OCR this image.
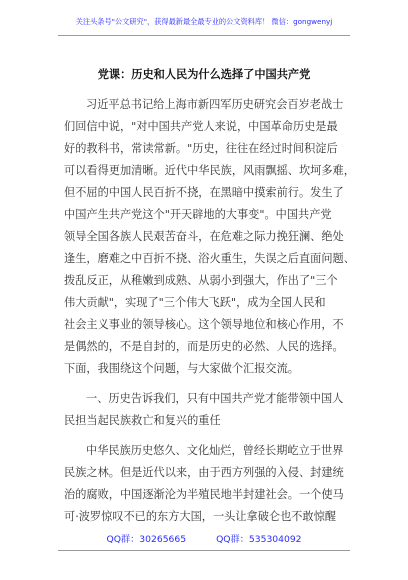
关注头条号"公文研究"，获得最新最全最专业的公文资料库！ 微信：gongwenyj
党课：历史和人民为什么选择了中国共产党
习近平总书记给上海市新四军历史研究会百岁老战士
们回信中说，"对中国共产党人来说，中国革命历史是最
好的教科书，常读常新。"历史，往往在经过时间积淀后
可以看得更加清晰。近代中华民族，风雨飘摇、坎坷多难，
但不屈的中国人民百折不挠，在黑暗中摸索前行。发生了
中国产生共产党这个"开天辟地的大事变"。中国共产党
领导全国各族人民艰苦奋斗，在危难之际力挽狂澜、绝处
逢生，磨难之中百折不挠、浴火重生，失误之后直面问题、
拨乱反正，从稚嫩到成熟、从弱小到强大，作出了"三个
伟大贡献"，实现了"三个伟大飞跃"，成为全国人民和
社会主义事业的领导核心。这个领导地位和核心作用，不
是偶然的，不是自封的，而是历史的必然、人民的选择。
下面，我围绕这个问题，与大家做个汇报交流。
一、历史告诉我们，只有中国共产党才能带领中国人
民担当起民族救亡和复兴的重任
中华民族历史悠久、文化灿烂，曾经长期屹立于世界
民族之林。但是近代以来，由于西方列强的入侵、封建统
治的腐败，中国逐渐沦为半殖民地半封建社会。一个使马
可·波罗惊叹不已的东方大国，一头让拿破仑也不敢惊醒
QQ群：30265665	QQ群：535304092
